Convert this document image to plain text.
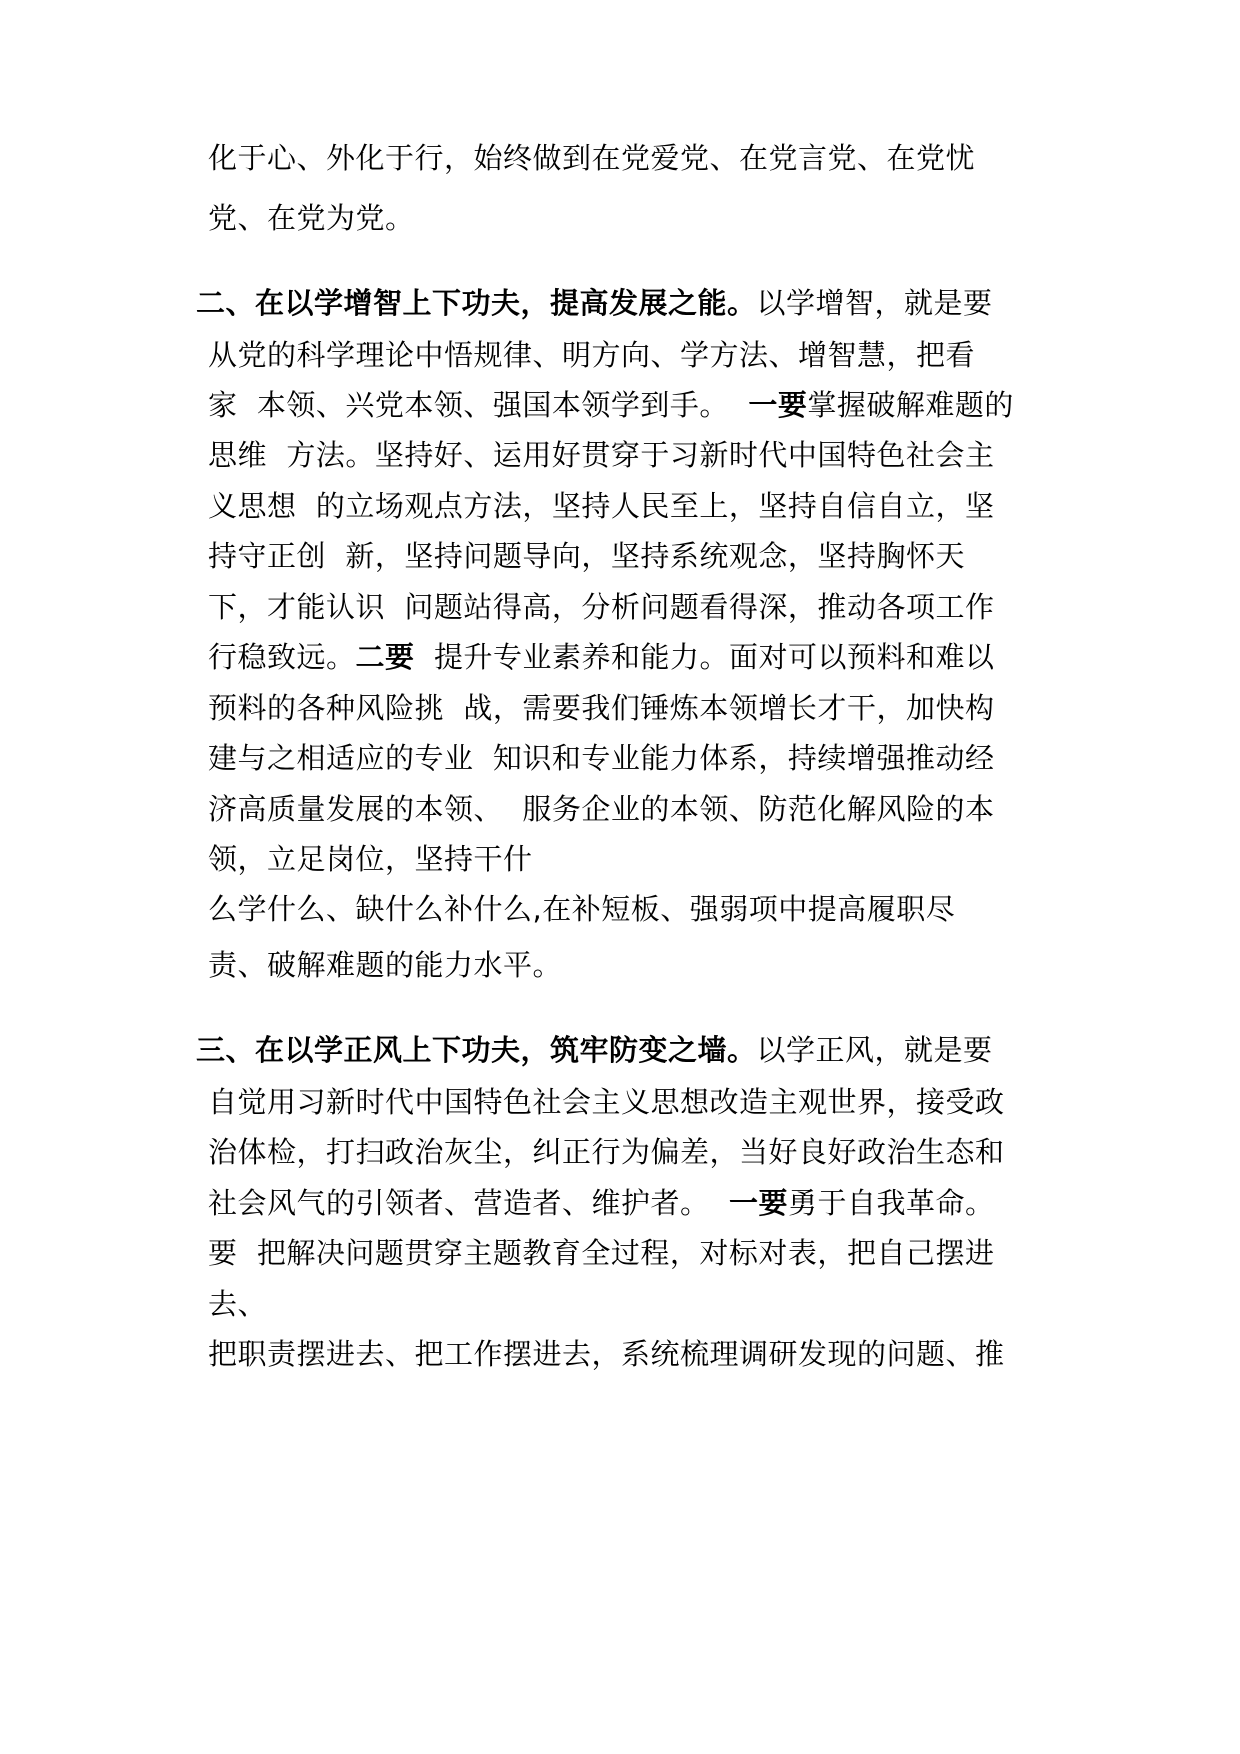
化于心、外化于行，始终做到在党爱党、在党言党、在党忧
党、在党为党。
二、在以学增智上下功夫，提高发展之能。以学增智，就是要
从党的科学理论中悟规律、明方向、学方法、增智慧，把看
家  本领、兴党本领、强国本领学到手。 一要掌握破解难题的
思维  方法。坚持好、运用好贯穿于习新时代中国特色社会主
义思想  的立场观点方法，坚持人民至上，坚持自信自立，坚
持守正创  新，坚持问题导向，坚持系统观念，坚持胸怀天
下，才能认识  问题站得高，分析问题看得深，推动各项工作
行稳致远。二要 提升专业素养和能力。面对可以预料和难以
预料的各种风险挑  战，需要我们锤炼本领增长才干，加快构
建与之相适应的专业  知识和专业能力体系，持续增强推动经
济高质量发展的本领、  服务企业的本领、防范化解风险的本
领，立足岗位，坚持干什
么学什么、缺什么补什么,在补短板、强弱项中提高履职尽
责、破解难题的能力水平。
三、在以学正风上下功夫，筑牢防变之墙。以学正风，就是要
自觉用习新时代中国特色社会主义思想改造主观世界，接受政
治体检，打扫政治灰尘，纠正行为偏差，当好良好政治生态和
社会风气的引领者、营造者、维护者。 一要勇于自我革命。
要  把解决问题贯穿主题教育全过程，对标对表，把自己摆进
去、
把职责摆进去、把工作摆进去，系统梳理调研发现的问题、推
